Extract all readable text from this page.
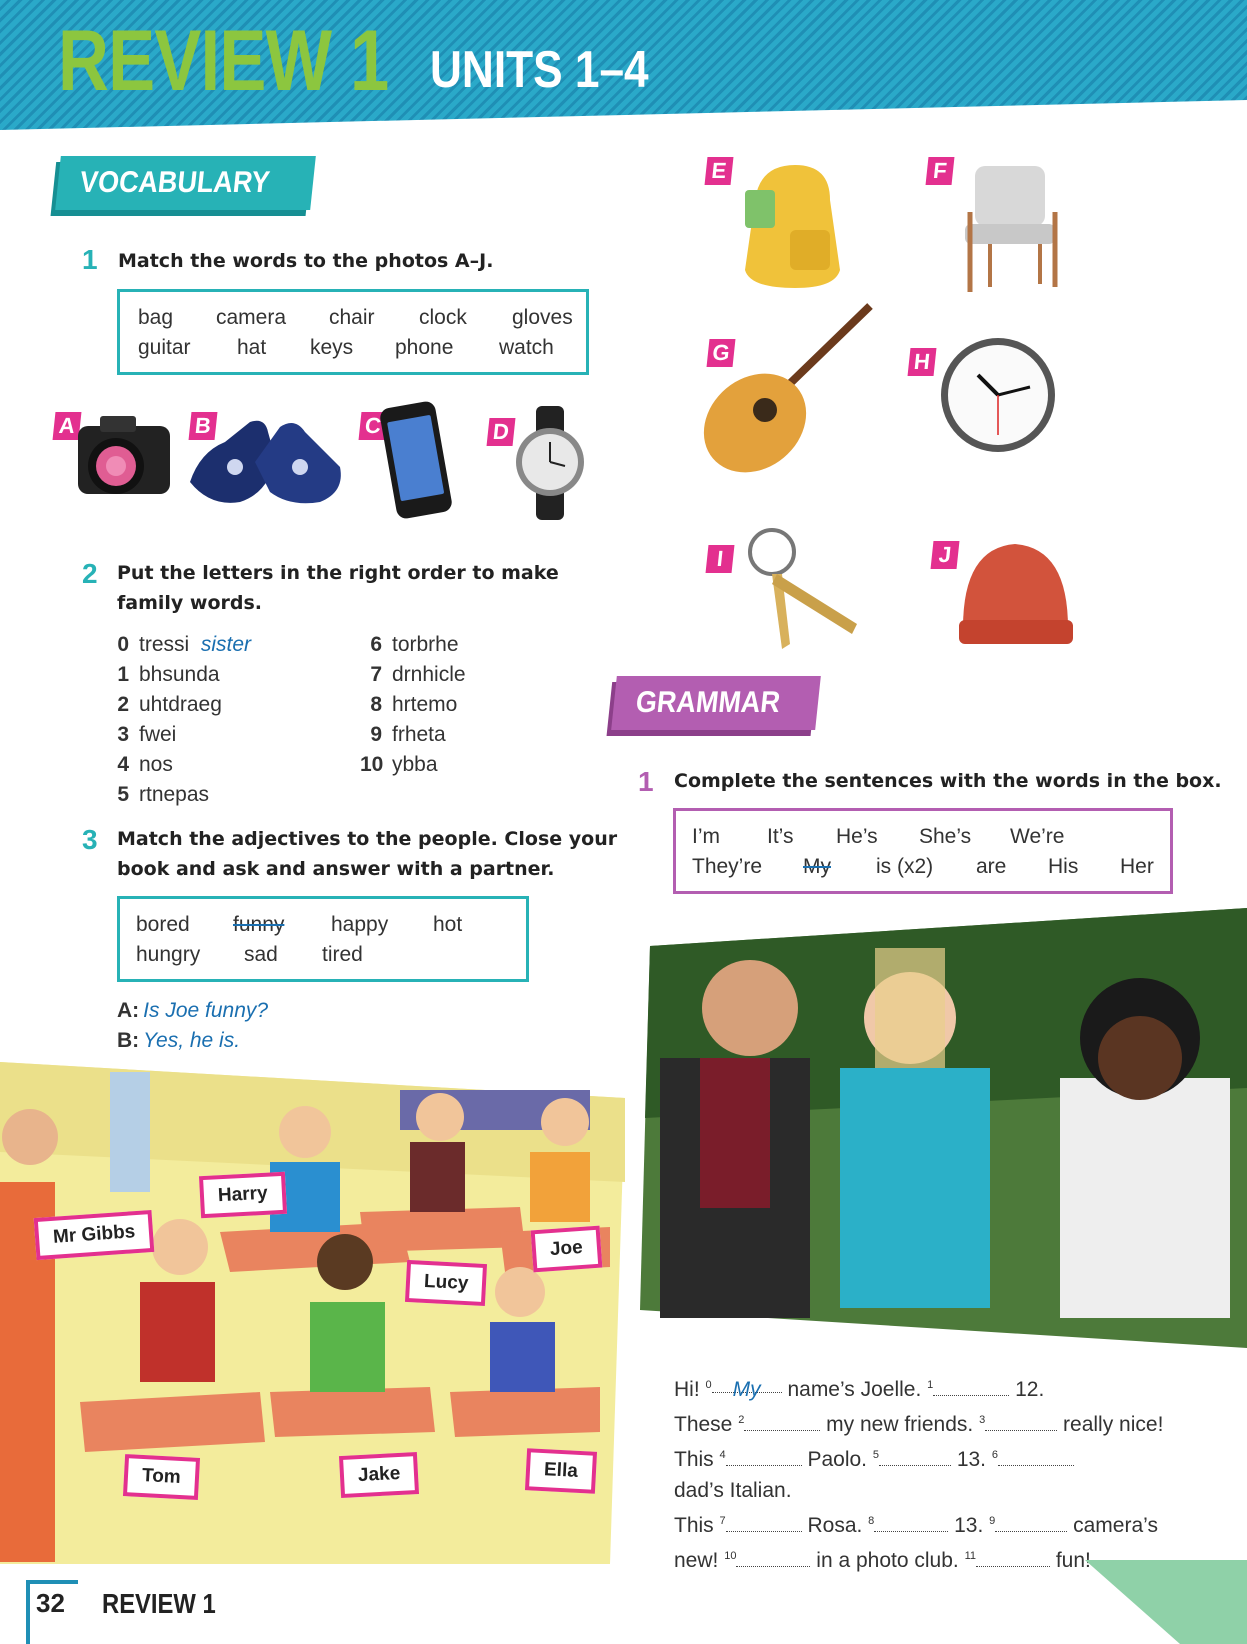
REVIEW 1 UNITS 1–4
VOCABULARY
1 Match the words to the photos A–J.
bag camera chair clock gloves
guitar hat keys phone watch
A	B	C	D
2 Put the letters in the right order to make
family words.
0 tressi sister
1 bhsunda
2 uhtdraeg
3 fwei
4 nos
5 rtnepas
6 torbrhe
7 drnhicle
8 hrtemo
9 frheta
10 ybba
3 Match the adjectives to the people. Close your
book and ask and answer with a partner.
bored funny happy hot
hungry sad tired
A: Is Joe funny?
B: Yes, he is.
Mr Gibbs
Harry
Joe
Lucy
Tom	Jake	Ella
E	F
G	H
I	J
GRAMMAR
1 Complete the sentences with the words in the box.
I’m It’s He’s She’s We’re
They’re My is (x2) are His Her
Hi! $^0$ My name’s Joelle. $^1$	12.
These $^2$	my new friends. $^3$	really nice!
This $^4$	Paolo. $^5$	13. $^6$
dad’s Italian.
This $^7$	Rosa. $^8$	13. $^9$	camera’s
new! $^{10}$	in a photo club. $^{11}$	fun!
32 REVIEW 1
